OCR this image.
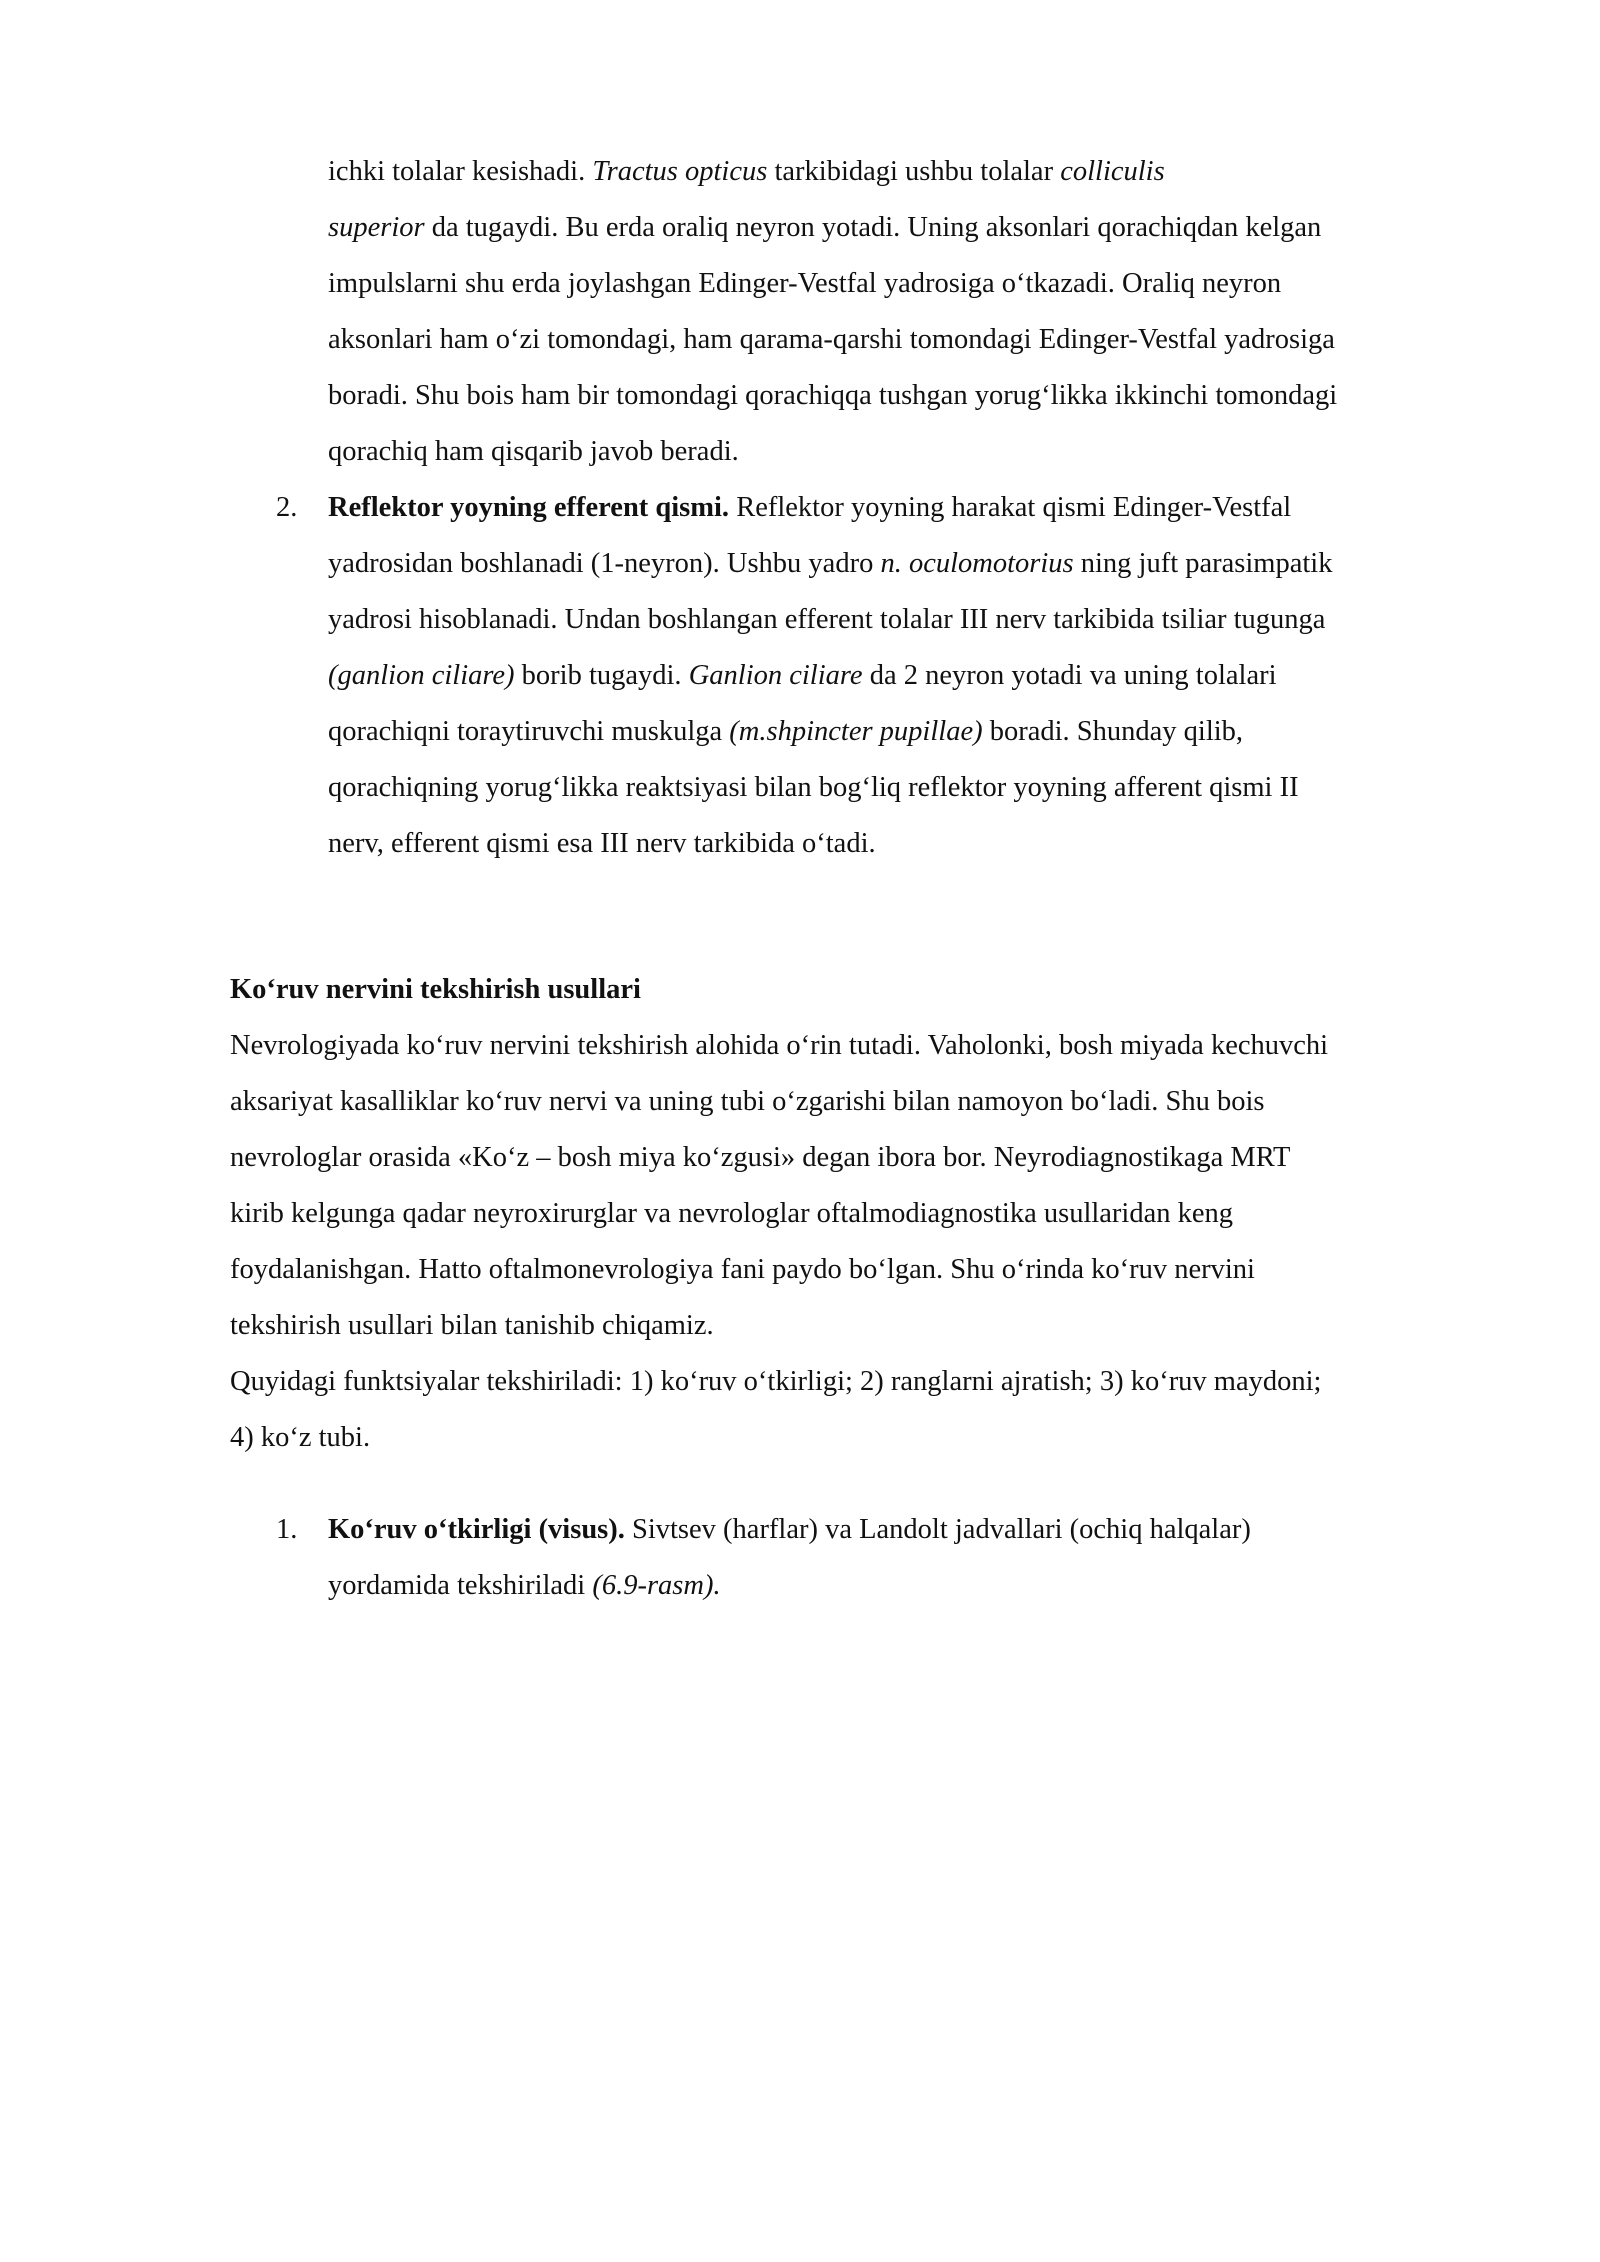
ichki tolalar kesishadi. Tractus opticus tarkibidagi ushbu tolalar colliculis
superior da tugaydi. Bu erda oraliq neyron yotadi. Uning aksonlari qorachiqdan kelgan
impulslarni shu erda joylashgan Edinger-Vestfal yadrosiga o‘tkazadi. Oraliq neyron
aksonlari ham o‘zi tomondagi, ham qarama-qarshi tomondagi Edinger-Vestfal yadrosiga
boradi. Shu bois ham bir tomondagi qorachiqqa tushgan yorug‘likka ikkinchi tomondagi
qorachiq ham qisqarib javob beradi.
2.	Reflektor yoyning efferent qismi. Reflektor yoyning harakat qismi Edinger-Vestfal
yadrosidan boshlanadi (1-neyron). Ushbu yadro n. oculomotorius ning juft parasimpatik
yadrosi hisoblanadi. Undan boshlangan efferent tolalar III nerv tarkibida tsiliar tugunga
(ganlion ciliare) borib tugaydi. Ganlion ciliare da 2 neyron yotadi va uning tolalari
qorachiqni toraytiruvchi muskulga (m.shpincter pupillae) boradi. Shunday qilib,
qorachiqning yorug‘likka reaktsiyasi bilan bog‘liq reflektor yoyning afferent qismi II
nerv, efferent qismi esa III nerv tarkibida o‘tadi.
Ko‘ruv nervini tekshirish usullari
Nevrologiyada ko‘ruv nervini tekshirish alohida o‘rin tutadi. Vaholonki, bosh miyada kechuvchi
aksariyat kasalliklar ko‘ruv nervi va uning tubi o‘zgarishi bilan namoyon bo‘ladi. Shu bois
nevrologlar orasida «Ko‘z – bosh miya ko‘zgusi» degan ibora bor. Neyrodiagnostikaga MRT
kirib kelgunga qadar neyroxirurglar va nevrologlar oftalmodiagnostika usullaridan keng
foydalanishgan. Hatto oftalmonevrologiya fani paydo bo‘lgan. Shu o‘rinda ko‘ruv nervini
tekshirish usullari bilan tanishib chiqamiz.
Quyidagi funktsiyalar tekshiriladi: 1) ko‘ruv o‘tkirligi; 2) ranglarni ajratish; 3) ko‘ruv maydoni;
4) ko‘z tubi.
1.	Ko‘ruv o‘tkirligi (visus). Sivtsev (harflar) va Landolt jadvallari (ochiq halqalar)
yordamida tekshiriladi (6.9-rasm).
